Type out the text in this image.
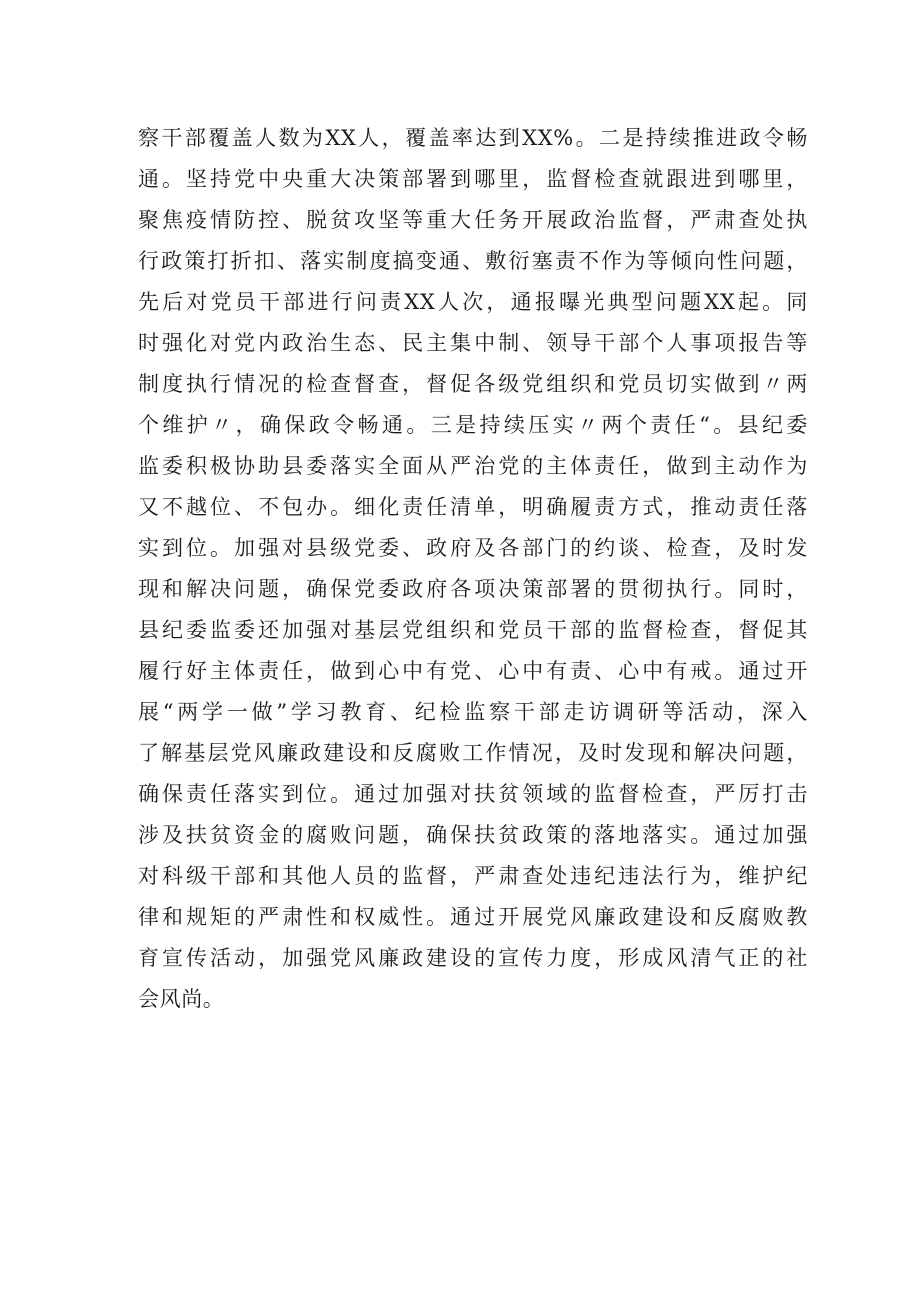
察干部覆盖人数为XX人，覆盖率达到XX%。二是持续推进政令畅
通。坚持党中央重大决策部署到哪里，监督检查就跟进到哪里，
聚焦疫情防控、脱贫攻坚等重大任务开展政治监督，严肃查处执
行政策打折扣、落实制度搞变通、敷衍塞责不作为等倾向性问题，
先后对党员干部进行问责XX人次，通报曝光典型问题XX起。同
时强化对党内政治生态、民主集中制、领导干部个人事项报告等
制度执行情况的检查督查，督促各级党组织和党员切实做到〃两
个维护〃，确保政令畅通。三是持续压实〃两个责任“。县纪委
监委积极协助县委落实全面从严治党的主体责任，做到主动作为
又不越位、不包办。细化责任清单，明确履责方式，推动责任落
实到位。加强对县级党委、政府及各部门的约谈、检查，及时发
现和解决问题，确保党委政府各项决策部署的贯彻执行。同时，
县纪委监委还加强对基层党组织和党员干部的监督检查，督促其
履行好主体责任，做到心中有党、心中有责、心中有戒。通过开
展“两学一做”学习教育、纪检监察干部走访调研等活动，深入
了解基层党风廉政建设和反腐败工作情况，及时发现和解决问题，
确保责任落实到位。通过加强对扶贫领域的监督检查，严厉打击
涉及扶贫资金的腐败问题，确保扶贫政策的落地落实。通过加强
对科级干部和其他人员的监督，严肃查处违纪违法行为，维护纪
律和规矩的严肃性和权威性。通过开展党风廉政建设和反腐败教
育宣传活动，加强党风廉政建设的宣传力度，形成风清气正的社
会风尚。
